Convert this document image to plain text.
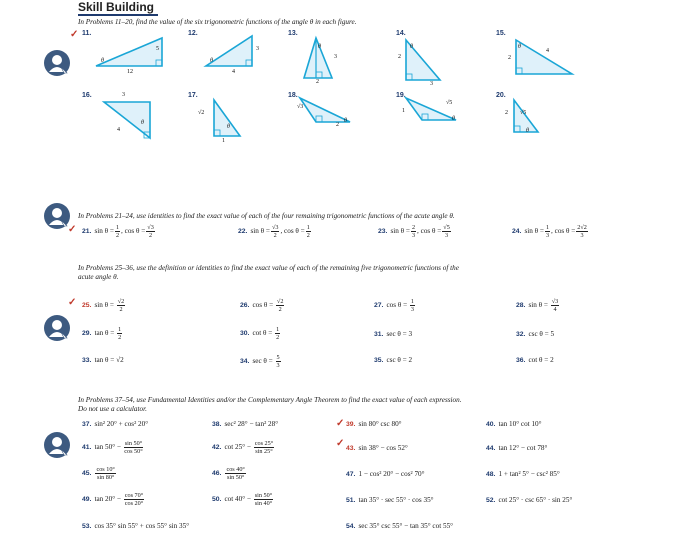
Skill Building
In Problems 11–20, find the value of the six trigonometric functions of the angle θ in each figure.
✓ 11.	12.	13.	14.	15.
5
12
θ
3
4
θ
3
2
θ
2
3
θ
2
4
θ
16.	17.	18.	19.	20.
3
4
θ
√2
1
θ
√3
2
θ
1
√5
θ
2 √5
θ
In Problems 21–24, use identities to find the exact value of each of the four remaining trigonometric functions of the acute angle θ.
✓ 21. $\sin \theta = \frac{1}{2}$ , $\cos \theta = \frac{√3}{2}$	22. $\sin \theta = \frac{√3}{2}$ , $\cos \theta = \frac{1}{2}$	23. $\sin \theta = \frac{2}{3}$ , $\cos \theta = \frac{√5}{3}$	24. $\sin \theta = \frac{1}{3}$ , $\cos \theta = \frac{2√2}{3}$
In Problems 25–36, use the definition or identities to find the exact value of each of the remaining five trigonometric functions of the
acute angle θ.
✓ 25. $\sin \theta = \frac{√2}{2}$	26. $\cos \theta = \frac{√2}{2}$	27. $\cos \theta = \frac{1}{3}$	28. $\sin \theta = \frac{√3}{4}$
29. $\tan \theta = \frac{1}{2}$	30. $\cot \theta = \frac{1}{2}$	31. sec θ = 3	32. csc θ = 5
33. tan θ = √2	34. $\sec \theta = \frac{5}{3}$	35. csc θ = 2	36. cot θ = 2
In Problems 37–54, use Fundamental Identities and/or the Complementary Angle Theorem to find the exact value of each expression.
Do not use a calculator.
✓
✓
37. sin² 20° + cos² 20°	38. sec² 28° − tan² 28°	39. sin 80° csc 80°	40. tan 10° cot 10°
41. $\tan 50^\circ - \frac{\sin 50^\circ}{\cos 50^\circ}$	42. $\cot 25^\circ - \frac{\cos 25^\circ}{\sin 25^\circ}$	43. sin 38° − cos 52°	44. tan 12° − cot 78°
45. $\frac{\cos 10^\circ}{\sin 80^\circ}$	46. $\frac{\cos 40^\circ}{\sin 50^\circ}$	47. 1 − cos² 20° − cos² 70°	48. 1 + tan² 5° − csc² 85°
49. $\tan 20^\circ - \frac{\cos 70^\circ}{\cos 20^\circ}$	50. $\cot 40^\circ - \frac{\sin 50^\circ}{\sin 40^\circ}$	51. tan 35° · sec 55° · cos 35°	52. cot 25° · csc 65° · sin 25°
53. cos 35° sin 55° + cos 55° sin 35°	54. sec 35° csc 55° − tan 35° cot 55°
